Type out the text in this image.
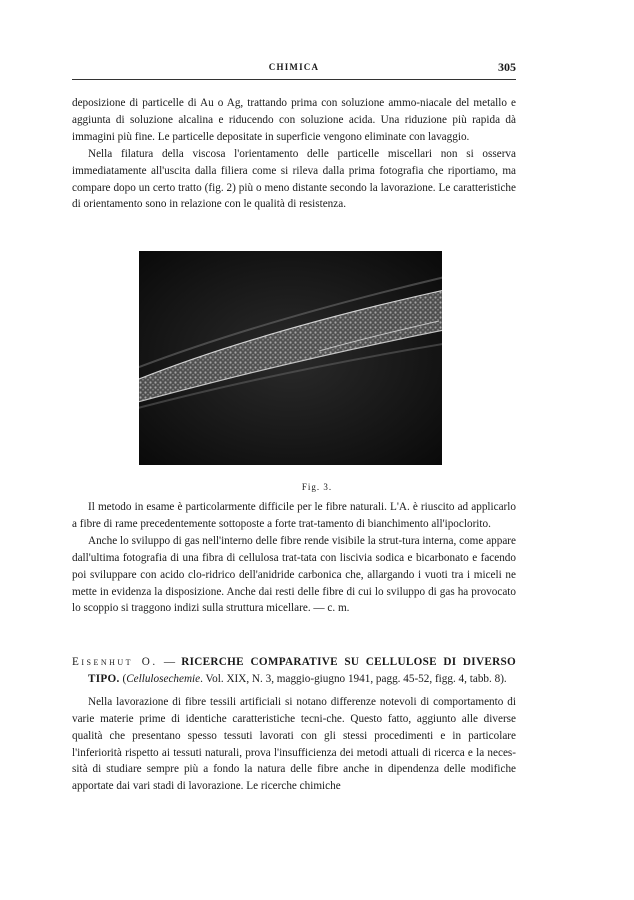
CHIMICA	305

deposizione di particelle di Au o Ag, trattando prima con soluzione ammo-niacale del metallo e aggiunta di soluzione alcalina e riducendo con soluzione acida. Una riduzione più rapida dà immagini più fine. Le particelle depositate in superficie vengono eliminate con lavaggio.

Nella filatura della viscosa l'orientamento delle particelle miscellari non si osserva immediatamente all'uscita dalla filiera come si rileva dalla prima fotografia che riportiamo, ma compare dopo un certo tratto (fig. 2) più o meno distante secondo la lavorazione. Le caratteristiche di orientamento sono in relazione con le qualità di resistenza.

Fig. 3.

Il metodo in esame è particolarmente difficile per le fibre naturali. L'A. è riuscito ad applicarlo a fibre di rame precedentemente sottoposte a forte trat-tamento di bianchimento all'ipoclorito.

Anche lo sviluppo di gas nell'interno delle fibre rende visibile la strut-tura interna, come appare dall'ultima fotografia di una fibra di cellulosa trat-tata con liscivia sodica e bicarbonato e facendo poi sviluppare con acido clo-ridrico dell'anidride carbonica che, allargando i vuoti tra i miceli ne mette in evidenza la disposizione. Anche dai resti delle fibre di cui lo sviluppo di gas ha provocato lo scoppio si traggono indizi sulla struttura micellare. — c. m.

Eisenhut O. — RICERCHE COMPARATIVE SU CELLULOSE DI DIVERSO TIPO. (Cellulosechemie. Vol. XIX, N. 3, maggio-giugno 1941, pagg. 45-52, figg. 4, tabb. 8).

Nella lavorazione di fibre tessili artificiali si notano differenze notevoli di comportamento di varie materie prime di identiche caratteristiche tecni-che. Questo fatto, aggiunto alle diverse qualità che presentano spesso tessuti lavorati con gli stessi procedimenti e in particolare l'inferiorità rispetto ai tessuti naturali, prova l'insufficienza dei metodi attuali di ricerca e la neces-sità di studiare sempre più a fondo la natura delle fibre anche in dipendenza delle modifiche apportate dai vari stadi di lavorazione. Le ricerche chimiche
